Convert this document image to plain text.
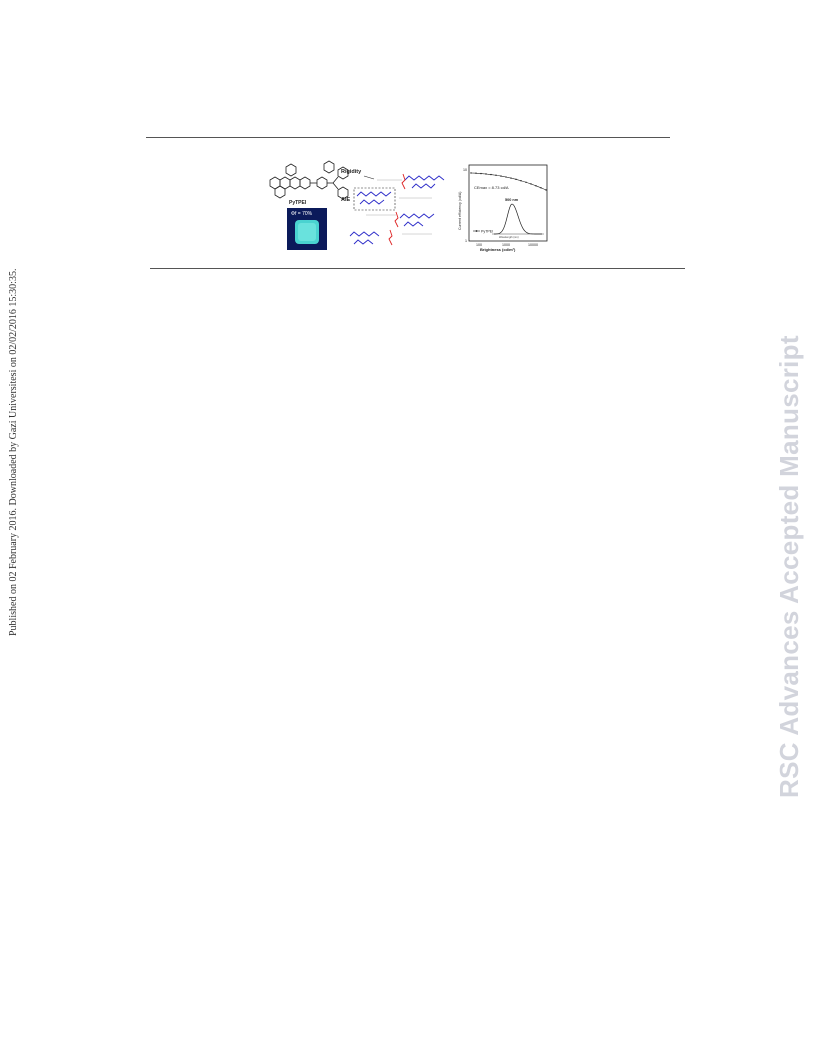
PyTPEI
Φf = 70%
Rigidity
AIE	Current efficiency (cd/A)
Brightness (cd/m²)
10
1
100	1000	10000
CEmax = 8.73 cd/A
500 nm
Wavelength (nm)
PyTPEI
Published on 02 February 2016. Downloaded by Gazi Universitesi on 02/02/2016 15:30:35.	RSC Advances Accepted Manuscript
